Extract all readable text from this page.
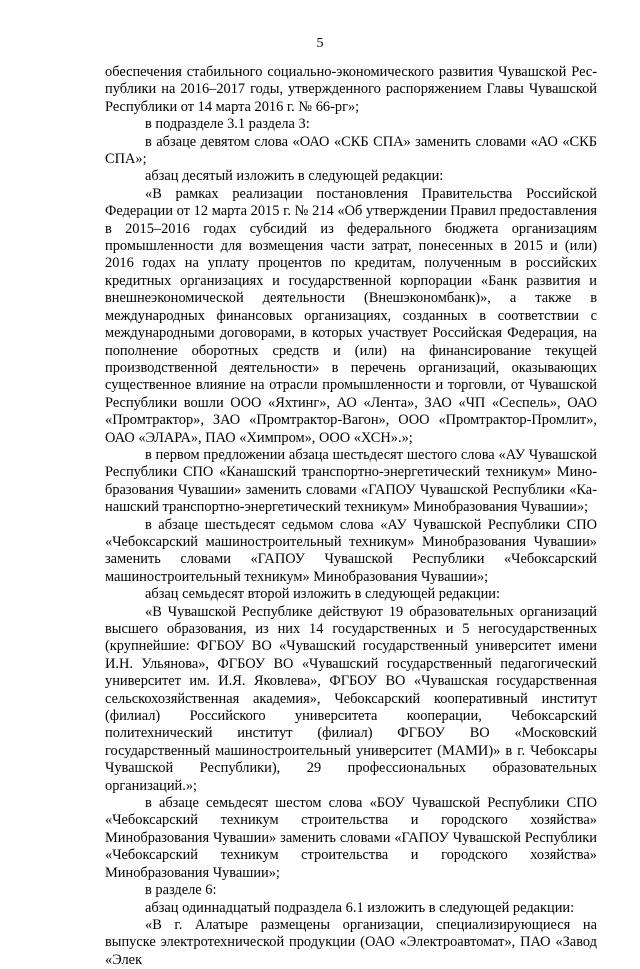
5

обеспечения стабильного социально-экономического развития Чувашской Республики на 2016–2017 годы, утвержденного распоряжением Главы Чувашской Республики от 14 марта 2016 г. № 66-рг»;

в подразделе 3.1 раздела 3:

в абзаце девятом слова «ОАО «СКБ СПА» заменить словами «АО «СКБ СПА»;

абзац десятый изложить в следующей редакции:

«В рамках реализации постановления Правительства Российской Федерации от 12 марта 2015 г. № 214 «Об утверждении Правил предоставления в 2015–2016 годах субсидий из федерального бюджета организациям промышленности для возмещения части затрат, понесенных в 2015 и (или) 2016 годах на уплату процентов по кредитам, полученным в российских кредитных организациях и государственной корпорации «Банк развития и внешнеэкономической деятельности (Внешэкономбанк)», а также в международных финансовых организациях, созданных в соответствии с международными договорами, в которых участвует Российская Федерация, на пополнение оборотных средств и (или) на финансирование текущей производственной деятельности» в перечень организаций, оказывающих существенное влияние на отрасли промышленности и торговли, от Чувашской Республики вошли ООО «Яхтинг», АО «Лента», ЗАО «ЧП «Сеспель», ОАО «Промтрактор», ЗАО «Промтрактор-Вагон», ООО «Промтрактор-Промлит», ОАО «ЭЛАРА», ПАО «Химпром», ООО «ХСН».»;

в первом предложении абзаца шестьдесят шестого слова «АУ Чувашской Республики СПО «Канашский транспортно-энергетический техникум» Минобразования Чувашии» заменить словами «ГАПОУ Чувашской Республики «Канашский транспортно-энергетический техникум» Минобразования Чувашии»;

в абзаце шестьдесят седьмом слова «АУ Чувашской Республики СПО «Чебоксарский машиностроительный техникум» Минобразования Чувашии» заменить словами «ГАПОУ Чувашской Республики «Чебоксарский машиностроительный техникум» Минобразования Чувашии»;

абзац семьдесят второй изложить в следующей редакции:

«В Чувашской Республике действуют 19 образовательных организаций высшего образования, из них 14 государственных и 5 негосударственных (крупнейшие: ФГБОУ ВО «Чувашский государственный университет имени И.Н. Ульянова», ФГБОУ ВО «Чувашский государственный педагогический университет им. И.Я. Яковлева», ФГБОУ ВО «Чувашская государственная сельскохозяйственная академия», Чебоксарский кооперативный институт (филиал) Российского университета кооперации, Чебоксарский политехнический институт (филиал) ФГБОУ ВО «Московский государственный машиностроительный университет (МАМИ)» в г. Чебоксары Чувашской Республики), 29 профессиональных образовательных организаций.»;

в абзаце семьдесят шестом слова «БОУ Чувашской Республики СПО «Чебоксарский техникум строительства и городского хозяйства» Минобразования Чувашии» заменить словами «ГАПОУ Чувашской Республики «Чебоксарский техникум строительства и городского хозяйства» Минобразования Чувашии»;

в разделе 6:

абзац одиннадцатый подраздела 6.1 изложить в следующей редакции:

«В г. Алатыре размещены организации, специализирующиеся на выпуске электротехнической продукции (ОАО «Электроавтомат», ПАО «Завод «Элек
